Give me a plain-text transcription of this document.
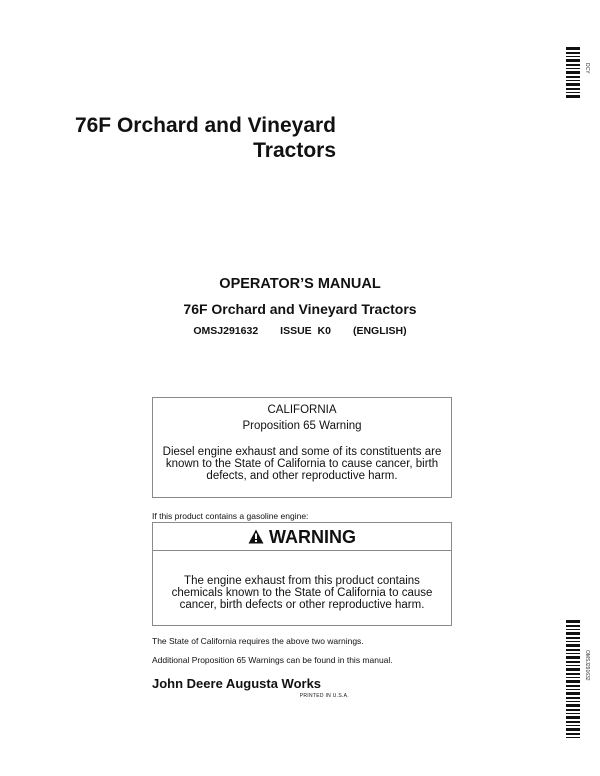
DCY
76F Orchard and Vineyard
Tractors
OPERATOR’S MANUAL
76F Orchard and Vineyard Tractors
OMSJ291632 ISSUE  K0 (ENGLISH)
CALIFORNIA
Proposition 65 Warning
Diesel engine exhaust and some of its constituents are known to the State of California to cause cancer, birth defects, and other reproductive harm.
If this product contains a gasoline engine:
WARNING
The engine exhaust from this product contains chemicals known to the State of California to cause cancer, birth defects or other reproductive harm.
The State of California requires the above two warnings.
Additional Proposition 65 Warnings can be found in this manual.
John Deere Augusta Works
PRINTED IN U.S.A.
OMSJ291632
